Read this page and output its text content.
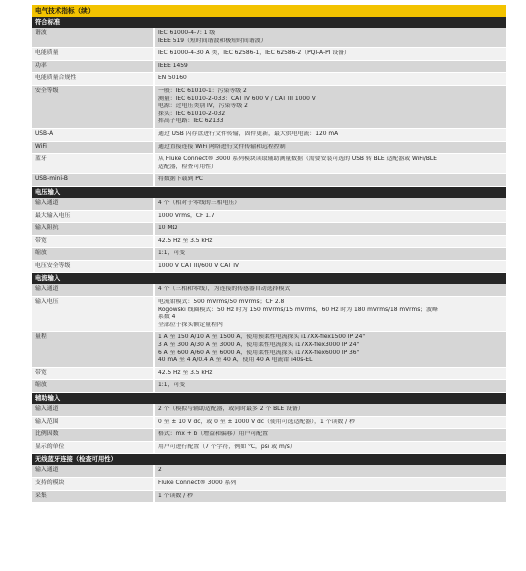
电气技术指标（续）
符合标准
谐波	IEC 61000-4-7: 1 级
IEEE 519（短时间谐波和极短时间谐波）
电能质量	IEC 61000-4-30 A 类，IEC 62586-1，IEC 62586-2（PQI-A-PI 设备）
功率	IEEE 1459
电能质量合规性	EN 50160
安全等级	一般：IEC 61010-1：污染等级 2
测量：IEC 61010-2-033：CAT IV 600 V / CAT III 1000 V
电源：过电压类别 IV，污染等级 2
探头：IEC 61010-2-032
挥高子电路：IEC 62133
USB-A	通过 USB 闪存盘进行文件传输，固件更新，最大供电电流：120 mA
WiFi	通过直接连接 WiFi 网络进行文件传输和远程控制
蓝牙	从 Fluke Connect® 3000 系列模块读取辅助测量数据（需要安装可选的 USB 转 BLE 适配器或 WiFi/BLE
适配器，检查可用性）
USB-mini-B	将数据下载到 PC
电压输入
输入通道	4 个（相对于零线的三相电压）
最大输入电压	1000 Vrms，CF 1.7
输入阻抗	10 MΩ
带宽	42.5 Hz 至 3.5 kHz
缩放	1:1，可变
电压安全等级	1000 V CAT III/600 V CAT IV
电流输入
输入通道	4 个（三相和零线），为连接的传感器自动选择模式
输入电压	电流钳模式：500 mVrms/50 mVrms；CF 2.8
Rogowski 线圈模式：50 Hz 时为 150 mVrms/15 mVrms，60 Hz 时为 180 mVrms/18 mVrms；波峰
系数 4
全部位于探头额定量程内
量程	1 A 至 150 A/10 A 至 1500 A，使用预柔性电流探头 i17XX-flex1500 IP 24"
3 A 至 300 A/30 A 至 3000 A，使用柔性电流探头 i17XX-flex3000 IP 24"
6 A 至 600 A/60 A 至 6000 A，使用柔性电流探头 i17XX-flex6000 IP 36"
40 mA 至 4 A/0.4 A 至 40 A，使用 40 A 电流钳 i40s-EL
带宽	42.5 Hz 至 3.5 kHz
缩放	1:1，可变
辅助输入
输入通道	2 个（模拟与辅助适配器，或同时最多 2 个 BLE 设备）
输入范围	0 至 ± 10 V dc，或 0 至 ± 1000 V dc（使用可选适配器），1 个读数 / 秒
比例因数	格式：mx + b（增益和偏移）用户可配置
显示的单位	用户可进行配置（7 个字符，例如 °C，psi 或 m/s）
无线蓝牙连接（检查可用性）
输入通道	2
支持的模块	Fluke Connect® 3000 系列
采集	1 个读数 / 秒
